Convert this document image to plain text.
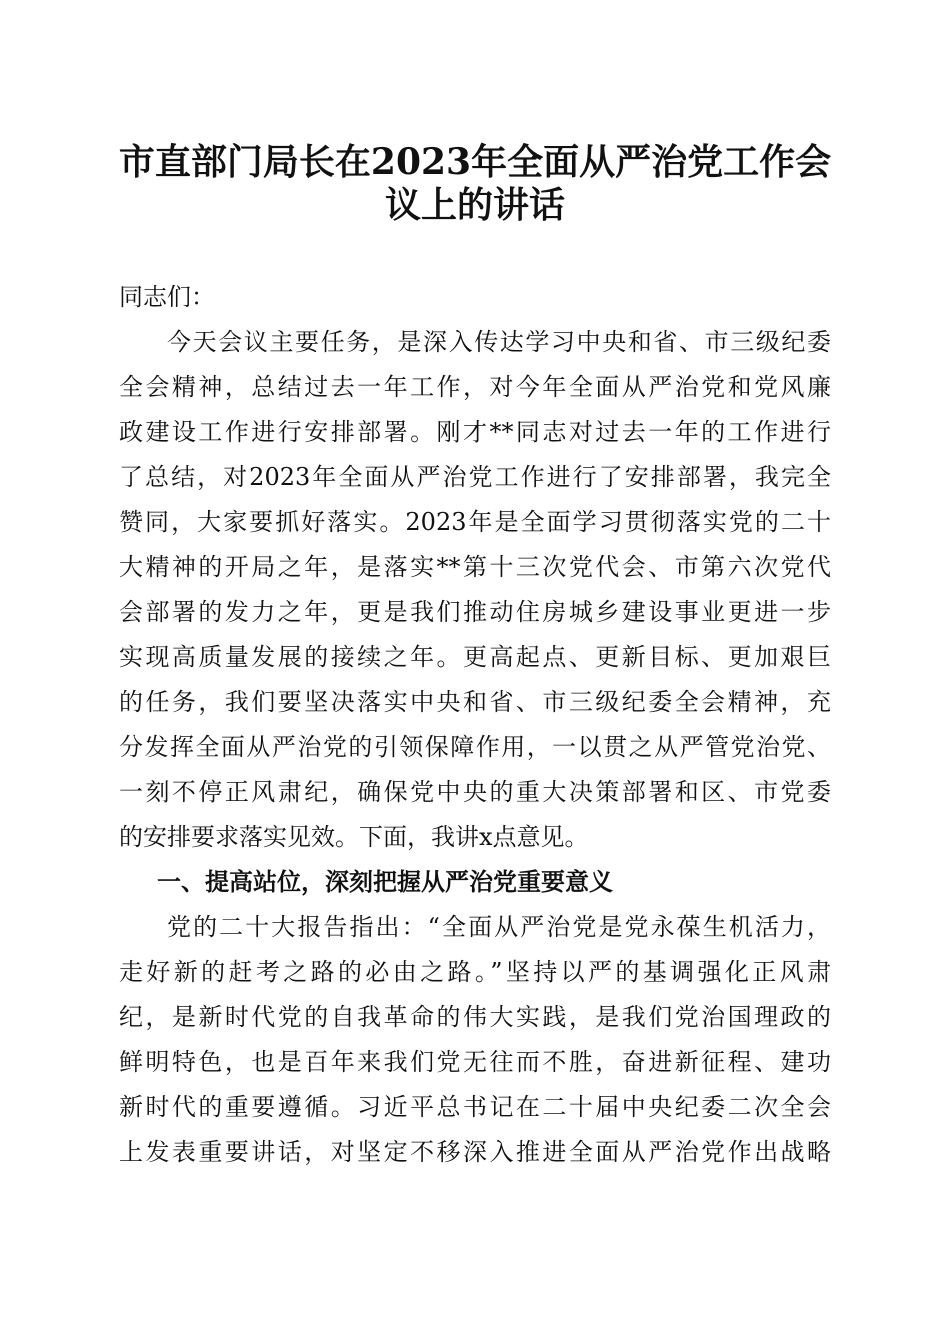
市直部门局长在2023年全面从严治党工作会
议上的讲话
同志们：
今天会议主要任务，是深入传达学习中央和省、市三级纪委
全会精神，总结过去一年工作，对今年全面从严治党和党风廉
政建设工作进行安排部署。刚才**同志对过去一年的工作进行
了总结，对2023年全面从严治党工作进行了安排部署，我完全
赞同，大家要抓好落实。2023年是全面学习贯彻落实党的二十
大精神的开局之年，是落实**第十三次党代会、市第六次党代
会部署的发力之年，更是我们推动住房城乡建设事业更进一步
实现高质量发展的接续之年。更高起点、更新目标、更加艰巨
的任务，我们要坚决落实中央和省、市三级纪委全会精神，充
分发挥全面从严治党的引领保障作用，一以贯之从严管党治党、
一刻不停正风肃纪，确保党中央的重大决策部署和区、市党委
的安排要求落实见效。下面，我讲x点意见。
一、提高站位，深刻把握从严治党重要意义
党的二十大报告指出：“全面从严治党是党永葆生机活力，
走好新的赶考之路的必由之路。”坚持以严的基调强化正风肃
纪，是新时代党的自我革命的伟大实践，是我们党治国理政的
鲜明特色，也是百年来我们党无往而不胜，奋进新征程、建功
新时代的重要遵循。习近平总书记在二十届中央纪委二次全会
上发表重要讲话，对坚定不移深入推进全面从严治党作出战略
